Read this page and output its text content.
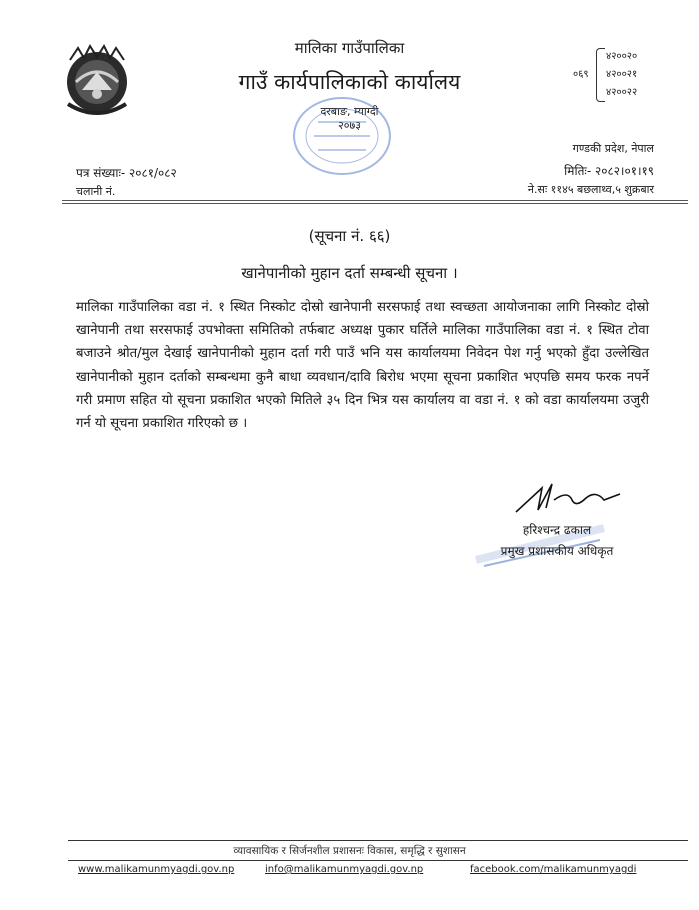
मालिका गाउँपालिका
गाउँ कार्यपालिकाको कार्यालय
दरबाङ, म्याग्दी
२०७३
०६९
४२००२०
४२००२१
४२००२२
गण्डकी प्रदेश, नेपाल
मितिः- २०८२।०१।१९
ने.सः ११४५ बछलाथ्व,५ शुक्रबार
पत्र संख्याः- २०८१/०८२
चलानी नं.
(सूचना नं. ६६)
खानेपानीको मुहान दर्ता सम्बन्धी सूचना ।

मालिका गाउँपालिका वडा नं. १ स्थित निस्कोट दोस्रो खानेपानी सरसफाई तथा स्वच्छता आयोजनाका लागि निस्कोट दोस्रो खानेपानी तथा सरसफाई उपभोक्ता समितिको तर्फबाट अध्यक्ष पुकार घर्तिले मालिका गाउँपालिका वडा नं. १ स्थित टोवा बजाउने श्रोत/मुल देखाई खानेपानीको मुहान दर्ता गरी पाउँ भनि यस कार्यालयमा निवेदन पेश गर्नु भएको हुँदा उल्लेखित खानेपानीको मुहान दर्ताको सम्बन्धमा कुनै बाधा व्यवधान/दावि बिरोध भएमा सूचना प्रकाशित भएपछि समय फरक नपर्ने गरी प्रमाण सहित यो सूचना प्रकाशित भएको मितिले ३५ दिन भित्र यस कार्यालय वा वडा नं. १ को वडा कार्यालयमा उजुरी गर्न यो सूचना प्रकाशित गरिएको छ ।

हरिश्चन्द्र ढकाल
प्रमुख प्रशासकीय अधिकृत
व्यावसायिक र सिर्जनशील प्रशासनः विकास, समृद्धि र सुशासन
www.malikamunmyagdi.gov.np	info@malikamunmyagdi.gov.np	facebook.com/malikamunmyagdi
